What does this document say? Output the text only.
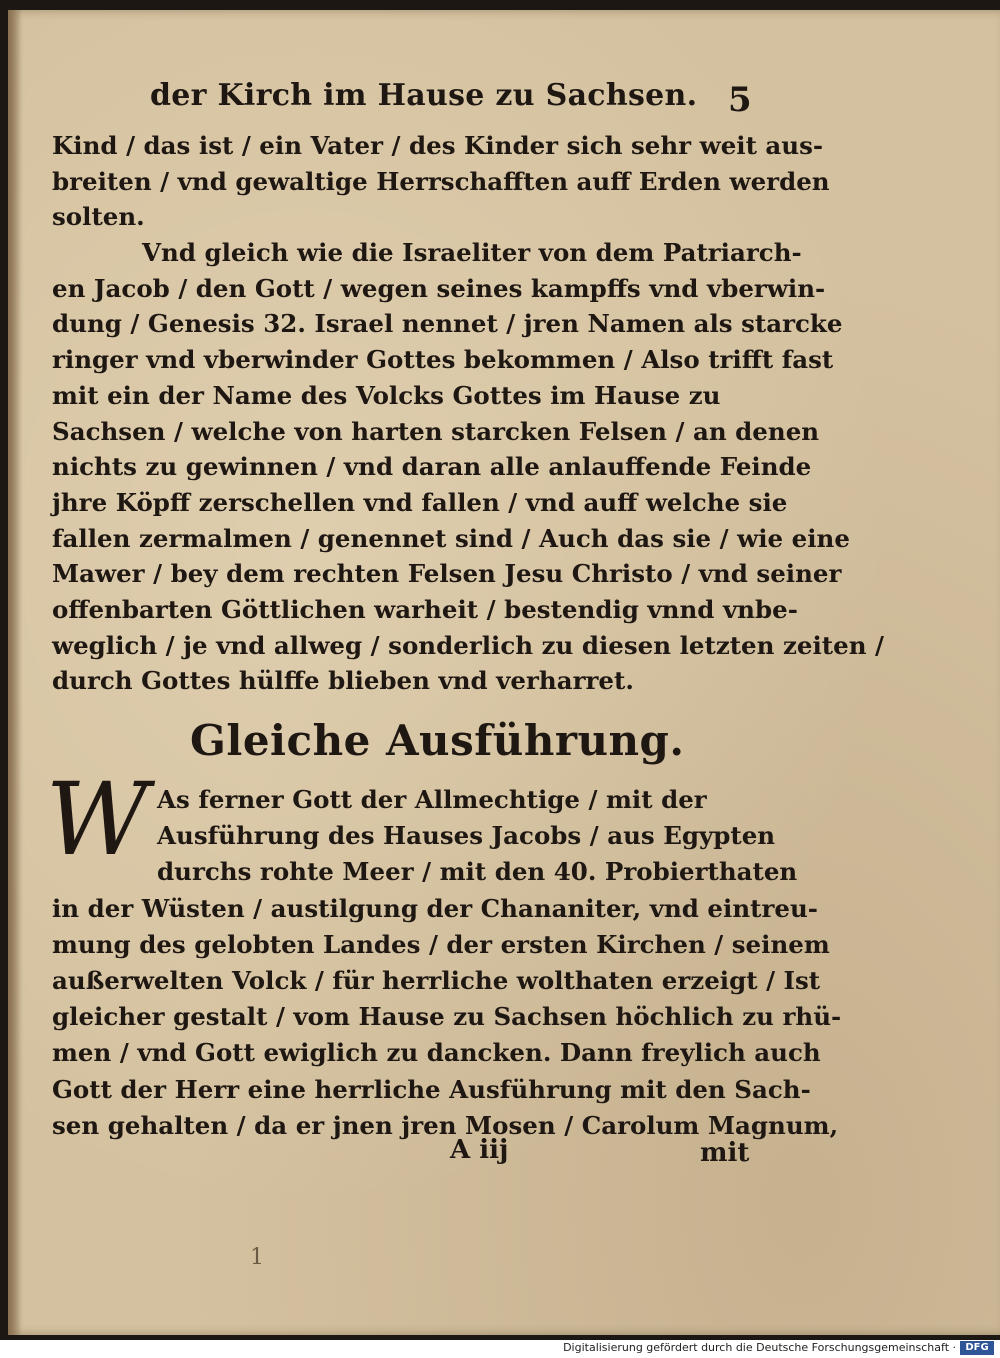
der Kirch im Hause zu Sachsen. 5
Kind / das ist / ein Vater / des Kinder sich sehr weit aus-
breiten / vnd gewaltige Herrschafften auff Erden werden
solten.
Vnd gleich wie die Israeliter von dem Patriarch-
en Jacob / den Gott / wegen seines kampffs vnd vberwin-
dung / Genesis 32. Israel nennet / jren Namen als starcke
ringer vnd vberwinder Gottes bekommen / Also trifft fast
mit ein der Name des Volcks Gottes im Hause zu
Sachsen / welche von harten starcken Felsen / an denen
nichts zu gewinnen / vnd daran alle anlauffende Feinde
jhre Köpff zerschellen vnd fallen / vnd auff welche sie
fallen zermalmen / genennet sind / Auch das sie / wie eine
Mawer / bey dem rechten Felsen Jesu Christo / vnd seiner
offenbarten Göttlichen warheit / bestendig vnnd vnbe-
weglich / je vnd allweg / sonderlich zu diesen letzten zeiten /
durch Gottes hülffe blieben vnd verharret.
Gleiche Ausführung.
W As ferner Gott der Allmechtige / mit der
Ausführung des Hauses Jacobs / aus Egypten
durchs rohte Meer / mit den 40. Probierthaten
in der Wüsten / austilgung der Chananiter, vnd eintreu-
mung des gelobten Landes / der ersten Kirchen / seinem
außerwelten Volck / für herrliche wolthaten erzeigt / Ist
gleicher gestalt / vom Hause zu Sachsen höchlich zu rhü-
men / vnd Gott ewiglich zu dancken. Dann freylich auch
Gott der Herr eine herrliche Ausführung mit den Sach-
sen gehalten / da er jnen jren Mosen / Carolum Magnum,
A iij	mit
1
Digitalisierung gefördert durch die Deutsche Forschungsgemeinschaft · DFG
